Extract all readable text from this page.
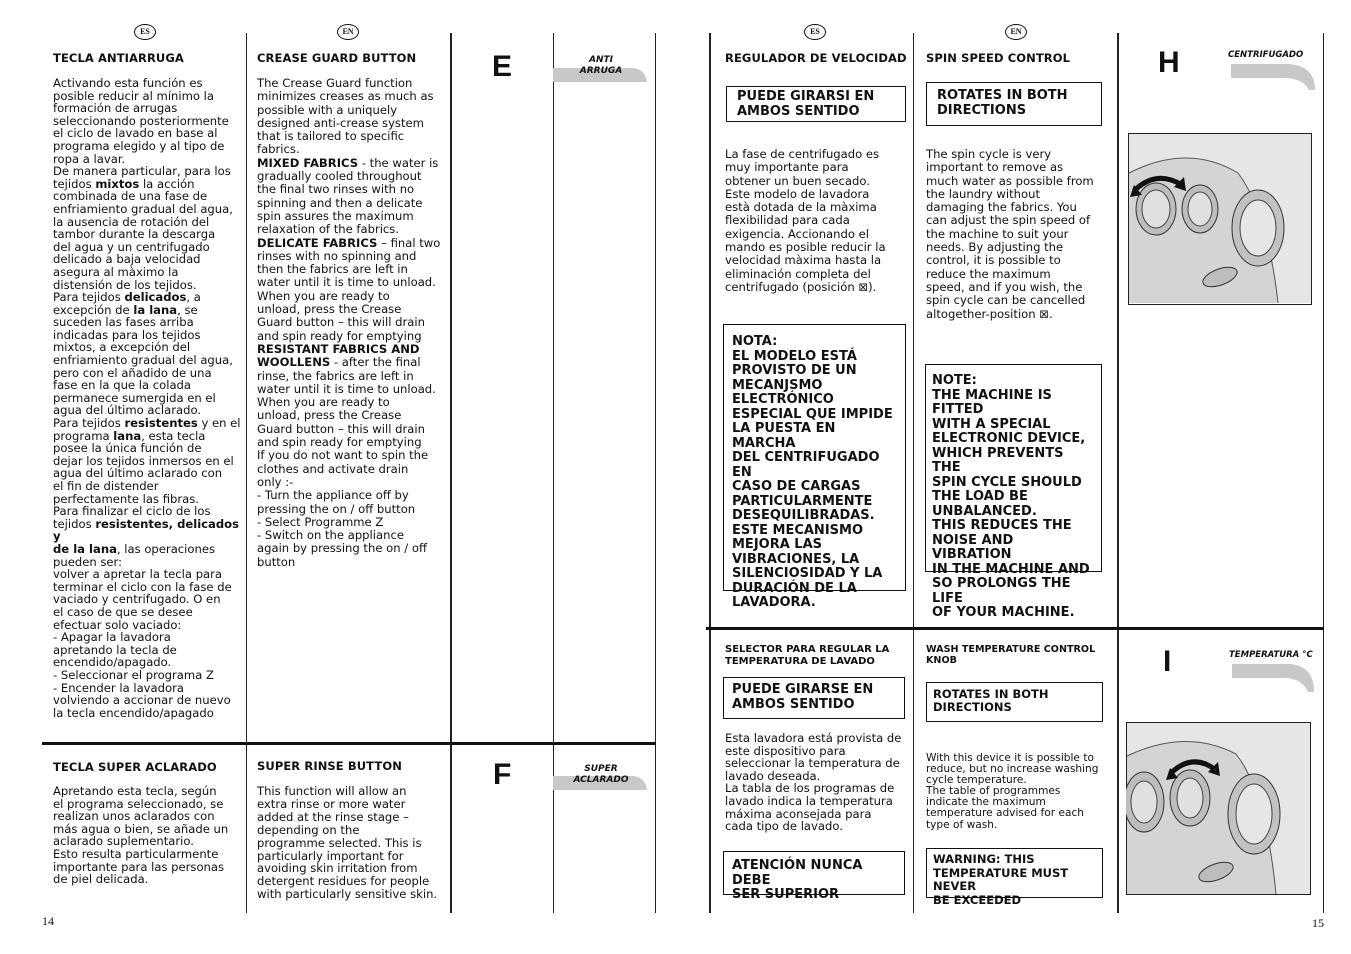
ES	EN
TECLA ANTIARRUGA
Activando esta función es
posible reducir al mínimo la
formación de arrugas
seleccionando posteriormente
el ciclo de lavado en base al
programa elegido y al tipo de
ropa a lavar.
De manera particular, para los
tejidos mixtos la acción
combinada de una fase de
enfriamiento gradual del agua,
la ausencia de rotación del
tambor durante la descarga
del agua y un centrifugado
delicado a baja velocidad
asegura al màximo la
distensión de los tejidos.
Para tejidos delicados, a
excepción de la lana, se
suceden las fases arriba
indicadas para los tejidos
mixtos, a excepción del
enfriamiento gradual del agua,
pero con el añadido de una
fase en la que la colada
permanece sumergida en el
agua del último aclarado.
Para tejidos resistentes y en el
programa lana, esta tecla
posee la única función de
dejar los tejidos inmersos en el
agua del último aclarado con
el fin de distender
perfectamente las fibras.
Para finalizar el ciclo de los
tejidos resistentes, delicados y
de la lana, las operaciones
pueden ser:
volver a apretar la tecla para
terminar el ciclo con la fase de
vaciado y centrifugado. O en
el caso de que se desee
efectuar solo vaciado:
- Apagar la lavadora
apretando la tecla de
encendido/apagado.
- Seleccionar el programa Z
- Encender la lavadora
volviendo a accionar de nuevo
la tecla encendido/apagado
CREASE GUARD BUTTON
The Crease Guard function
minimizes creases as much as
possible with a uniquely
designed anti-crease system
that is tailored to specific
fabrics.
MIXED FABRICS - the water is
gradually cooled throughout
the final two rinses with no
spinning and then a delicate
spin assures the maximum
relaxation of the fabrics.
DELICATE FABRICS – final two
rinses with no spinning and
then the fabrics are left in
water until it is time to unload.
When you are ready to
unload, press the Crease
Guard button – this will drain
and spin ready for emptying
RESISTANT FABRICS AND
WOOLLENS - after the final
rinse, the fabrics are left in
water until it is time to unload.
When you are ready to
unload, press the Crease
Guard button – this will drain
and spin ready for emptying
If you do not want to spin the
clothes and activate drain
only :-
- Turn the appliance off by
pressing the on / off button
- Select Programme Z
- Switch on the appliance
again by pressing the on / off
button
E	ANTI
ARRUGA
TECLA SUPER ACLARADO
Apretando esta tecla, según
el programa seleccionado, se
realizan unos aclarados con
más agua o bien, se añade un
aclarado suplementario.
Esto resulta particularmente
importante para las personas
de piel delicada.
SUPER RINSE BUTTON
This function will allow an
extra rinse or more water
added at the rinse stage –
depending on the
programme selected. This is
particularly important for
avoiding skin irritation from
detergent residues for people
with particularly sensitive skin.
F	SUPER
ACLARADO
14
ES	EN
REGULADOR DE VELOCIDAD
PUEDE GIRARSI EN
AMBOS SENTIDO
La fase de centrifugado es
muy importante para
obtener un buen secado.
Este modelo de lavadora
està dotada de la màxima
flexibilidad para cada
exigencia. Accionando el
mando es posible reducir la
velocidad màxima hasta la
eliminación completa del
centrifugado (posición ⊠).
NOTA:
EL MODELO ESTÁ
PROVISTO DE UN
MECANJSMO
ELECTRÓNICO
ESPECIAL QUE IMPIDE
LA PUESTA EN MARCHA
DEL CENTRIFUGADO EN
CASO DE CARGAS
PARTICULARMENTE
DESEQUILIBRADAS.
ESTE MECANISMO
MEJORA LAS
VIBRACIONES, LA
SILENCIOSIDAD Y LA
DURACIÓN DE LA
LAVADORA.
SPIN SPEED CONTROL
ROTATES IN BOTH
DIRECTIONS
The spin cycle is very
important to remove as
much water as possible from
the laundry without
damaging the fabrics. You
can adjust the spin speed of
the machine to suit your
needs. By adjusting the
control, it is possible to
reduce the maximum
speed, and if you wish, the
spin cycle can be cancelled
altogether-position ⊠.
NOTE:
THE MACHINE IS FITTED
WITH A SPECIAL
ELECTRONIC DEVICE,
WHICH PREVENTS THE
SPIN CYCLE SHOULD
THE LOAD BE
UNBALANCED.
THIS REDUCES THE
NOISE AND VIBRATION
IN THE MACHINE AND
SO PROLONGS THE LIFE
OF YOUR MACHINE.
H	CENTRIFUGADO
SELECTOR PARA REGULAR LA
TEMPERATURA DE LAVADO
PUEDE GIRARSE EN
AMBOS SENTIDO
Esta lavadora está provista de
este dispositivo para
seleccionar la temperatura de
lavado deseada.
La tabla de los programas de
lavado indica la temperatura
máxima aconsejada para
cada tipo de lavado.
ATENCIÓN NUNCA DEBE
SER SUPERIOR
WASH TEMPERATURE CONTROL
KNOB
ROTATES IN BOTH
DIRECTIONS
With this device it is possible to
reduce, but no increase washing
cycle temperature.
The table of programmes
indicate the maximum
temperature advised for each
type of wash.
WARNING: THIS
TEMPERATURE MUST NEVER
BE EXCEEDED
I	TEMPERATURA °C
15
